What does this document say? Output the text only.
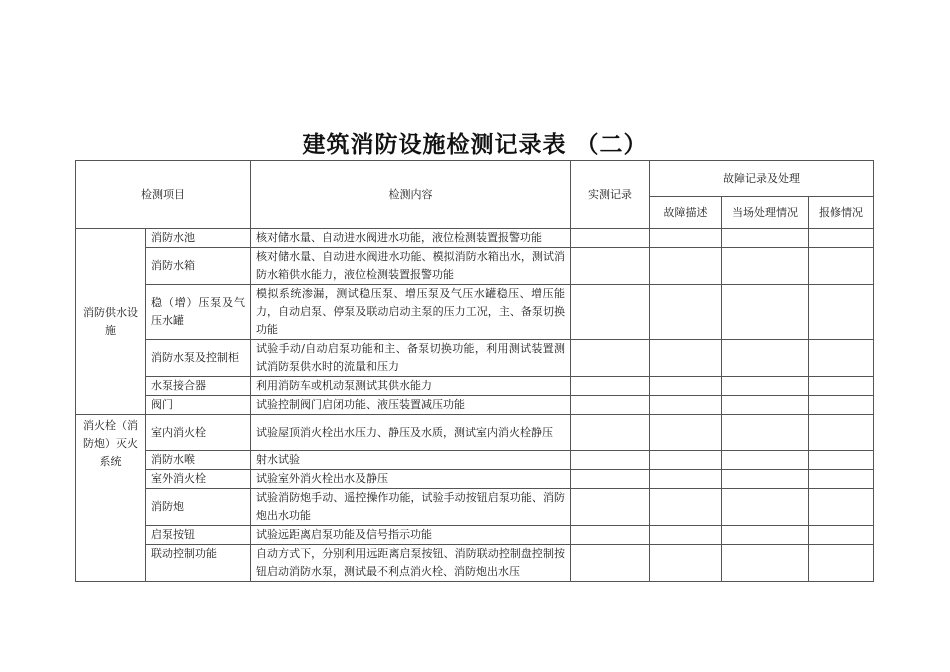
建筑消防设施检测记录表 （二）
检测项目		检测内容	实测记录	故障记录及处理		
				故障描述	当场处理情况	报修情况
消防供水设施	消防水池	核对储水量、自动进水阀进水功能，液位检测装置报警功能				
	消防水箱	核对储水量、自动进水阀进水功能、模拟消防水箱出水，测试消防水箱供水能力，液位检测装置报警功能				
	稳（增）压泵及气压水罐	模拟系统渗漏，测试稳压泵、增压泵及气压水罐稳压、增压能力，自动启泵、停泵及联动启动主泵的压力工况，主、备泵切换功能				
	消防水泵及控制柜	试验手动/自动启泵功能和主、备泵切换功能，利用测试装置测试消防泵供水时的流量和压力				
	水泵接合器	利用消防车或机动泵测试其供水能力				
	阀门	试验控制阀门启闭功能、液压装置减压功能				
消火栓（消防炮）灭火系统	室内消火栓	试验屋顶消火栓出水压力、静压及水质，测试室内消火栓静压				
	消防水喉	射水试验				
	室外消火栓	试验室外消火栓出水及静压				
	消防炮	试验消防炮手动、遥控操作功能，试验手动按钮启泵功能、消防炮出水功能				
	启泵按钮	试验远距离启泵功能及信号指示功能				
	联动控制功能	自动方式下，分别利用远距离启泵按钮、消防联动控制盘控制按钮启动消防水泵，测试最不利点消火栓、消防炮出水压				
